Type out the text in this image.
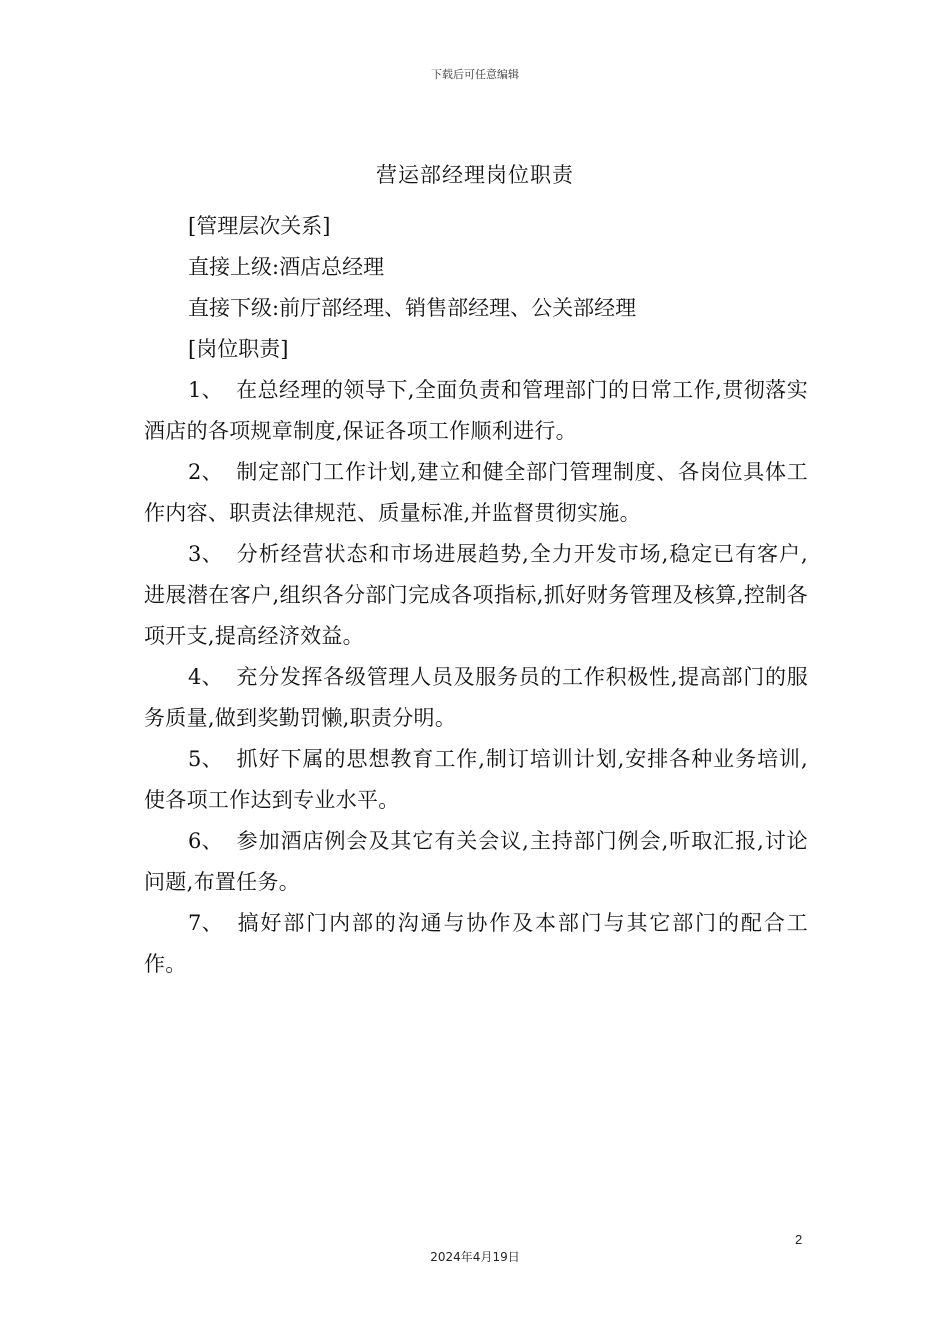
下载后可任意编辑
营运部经理岗位职责

[管理层次关系]

直接上级:酒店总经理

直接下级:前厅部经理、销售部经理、公关部经理

[岗位职责]

1、 在总经理的领导下,全面负责和管理部门的日常工作,贯彻落实酒店的各项规章制度,保证各项工作顺利进行。

2、 制定部门工作计划,建立和健全部门管理制度、各岗位具体工作内容、职责法律规范、质量标准,并监督贯彻实施。

3、 分析经营状态和市场进展趋势,全力开发市场,稳定已有客户,进展潜在客户,组织各分部门完成各项指标,抓好财务管理及核算,控制各项开支,提高经济效益。

4、 充分发挥各级管理人员及服务员的工作积极性,提高部门的服务质量,做到奖勤罚懒,职责分明。

5、 抓好下属的思想教育工作,制订培训计划,安排各种业务培训,使各项工作达到专业水平。

6、 参加酒店例会及其它有关会议,主持部门例会,听取汇报,讨论问题,布置任务。

7、 搞好部门内部的沟通与协作及本部门与其它部门的配合工作。

2
2024年4月19日
